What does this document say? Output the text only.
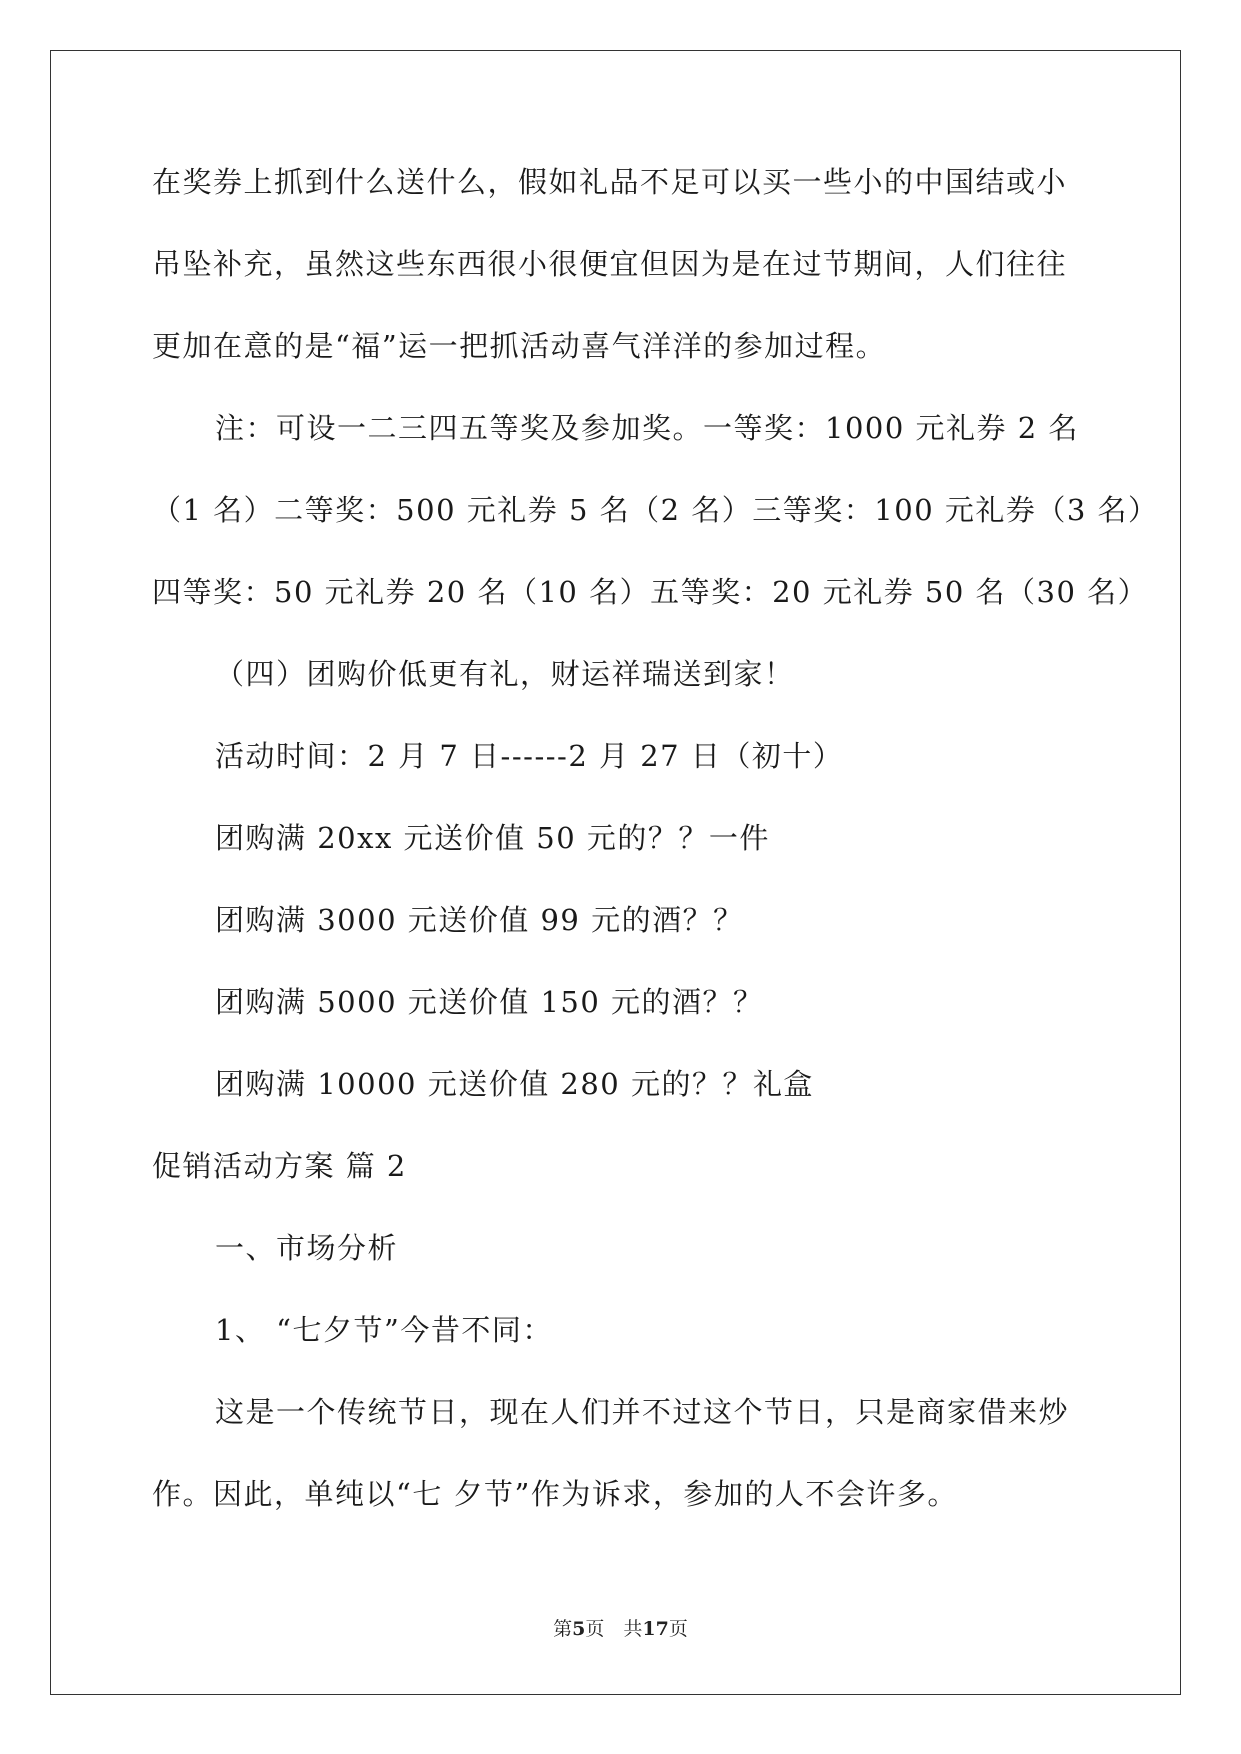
在奖券上抓到什么送什么，假如礼品不足可以买一些小的中国结或小
吊坠补充，虽然这些东西很小很便宜但因为是在过节期间，人们往往
更加在意的是“福”运一把抓活动喜气洋洋的参加过程。
注：可设一二三四五等奖及参加奖。一等奖：1000 元礼券 2 名
（1 名）二等奖：500 元礼券 5 名（2 名）三等奖：100 元礼券（3 名）
四等奖：50 元礼券 20 名（10 名）五等奖：20 元礼券 50 名（30 名）
（四）团购价低更有礼，财运祥瑞送到家！
活动时间：2 月 7 日------2 月 27 日（初十）
团购满 20xx 元送价值 50 元的？？一件
团购满 3000 元送价值 99 元的酒？？
团购满 5000 元送价值 150 元的酒？？
团购满 10000 元送价值 280 元的？？礼盒
促销活动方案 篇 2
一、市场分析
1、 “七夕节”今昔不同：
这是一个传统节日，现在人们并不过这个节日，只是商家借来炒
作。因此，单纯以“七 夕节”作为诉求，参加的人不会许多。
第5页　共17页
